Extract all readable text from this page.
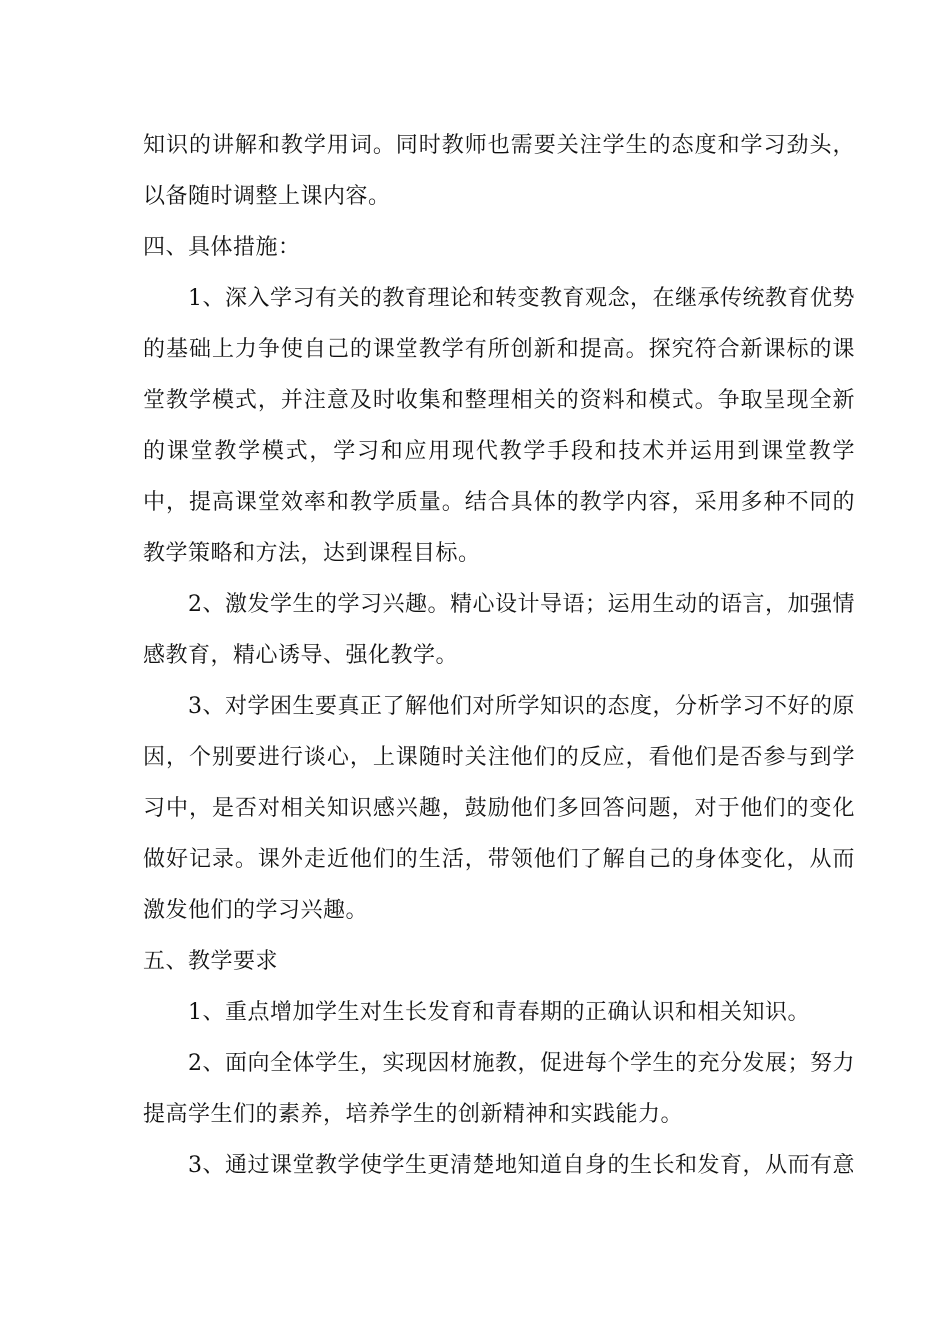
知识的讲解和教学用词。同时教师也需要关注学生的态度和学习劲头，以备随时调整上课内容。

四、具体措施：

1、深入学习有关的教育理论和转变教育观念，在继承传统教育优势的基础上力争使自己的课堂教学有所创新和提高。探究符合新课标的课堂教学模式，并注意及时收集和整理相关的资料和模式。争取呈现全新的课堂教学模式，学习和应用现代教学手段和技术并运用到课堂教学中，提高课堂效率和教学质量。结合具体的教学内容，采用多种不同的教学策略和方法，达到课程目标。

2、激发学生的学习兴趣。精心设计导语；运用生动的语言，加强情感教育，精心诱导、强化教学。

3、对学困生要真正了解他们对所学知识的态度，分析学习不好的原因，个别要进行谈心，上课随时关注他们的反应，看他们是否参与到学习中，是否对相关知识感兴趣，鼓励他们多回答问题，对于他们的变化做好记录。课外走近他们的生活，带领他们了解自己的身体变化，从而激发他们的学习兴趣。

五、教学要求

1、重点增加学生对生长发育和青春期的正确认识和相关知识。

2、面向全体学生，实现因材施教，促进每个学生的充分发展；努力提高学生们的素养，培养学生的创新精神和实践能力。

3、通过课堂教学使学生更清楚地知道自身的生长和发育，从而有意
